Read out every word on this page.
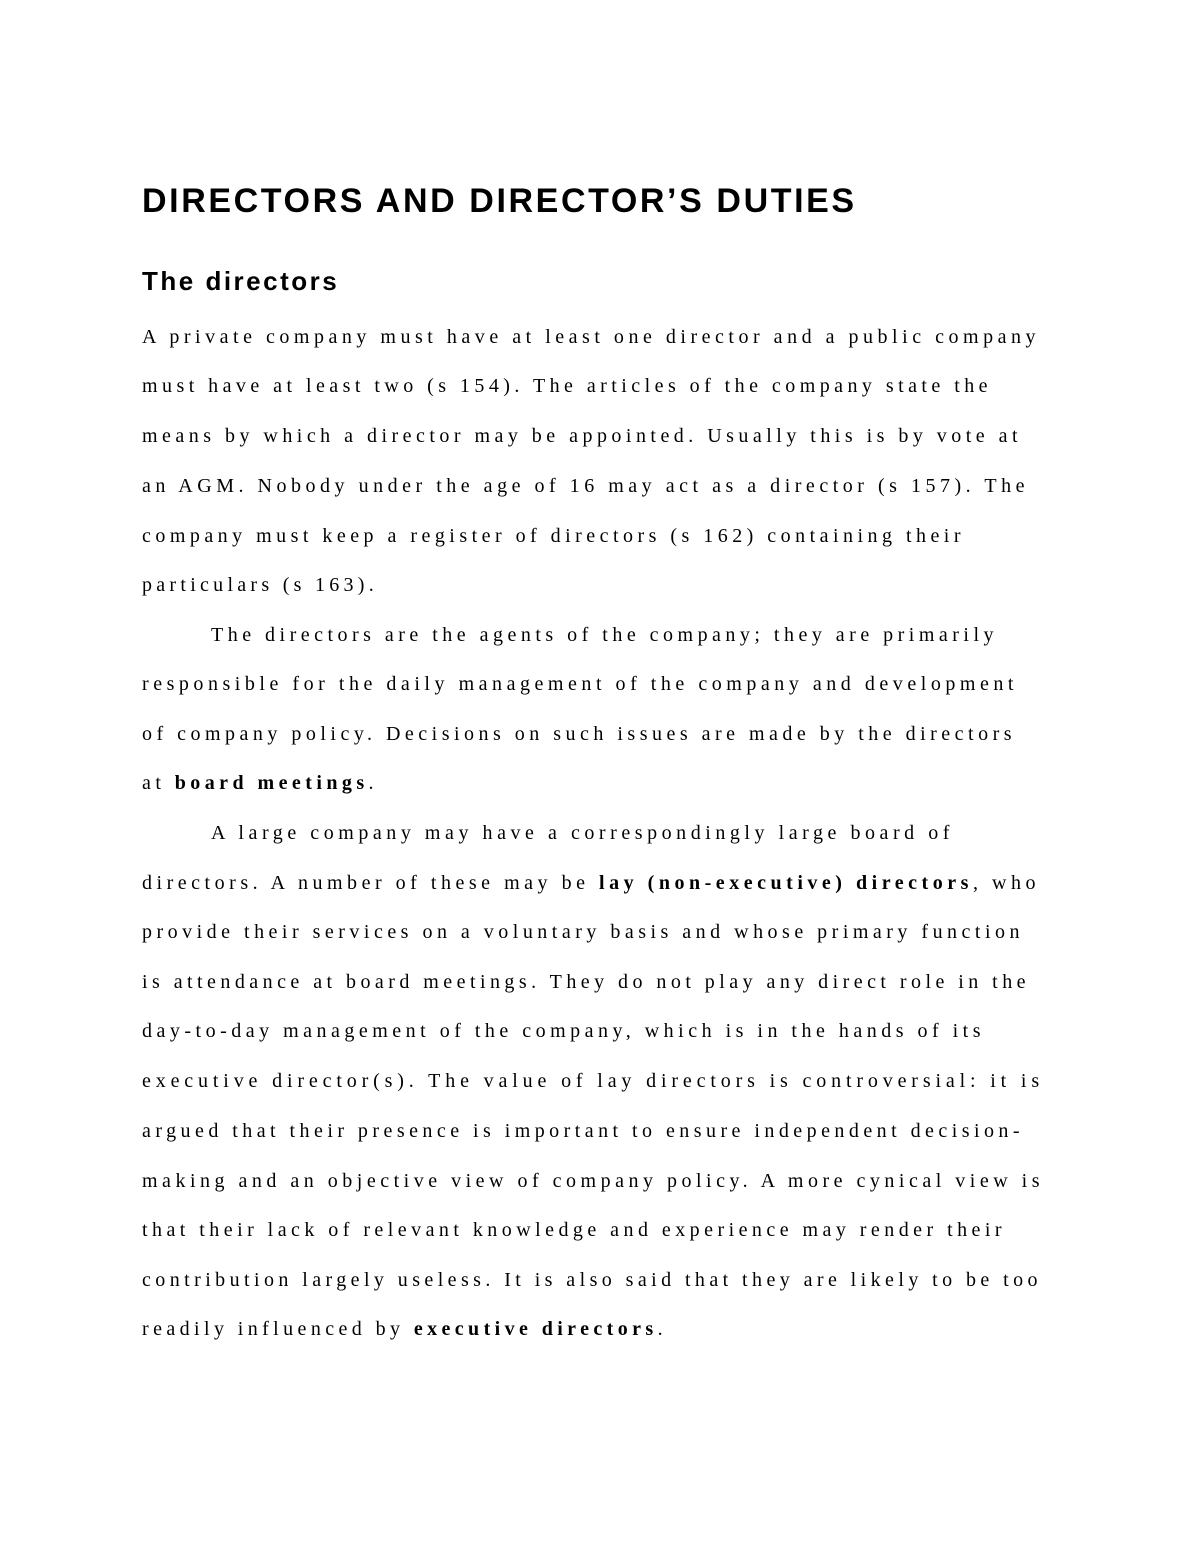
DIRECTORS AND DIRECTOR’S DUTIES
The directors

A private company must have at least one director and a public company

must have at least two (s 154). The articles of the company state the

means by which a director may be appointed. Usually this is by vote at

an AGM. Nobody under the age of 16 may act as a director (s 157). The

company must keep a register of directors (s 162) containing their

particulars (s 163).

The directors are the agents of the company; they are primarily

responsible for the daily management of the company and development

of company policy. Decisions on such issues are made by the directors

at board meetings.

A large company may have a correspondingly large board of

directors. A number of these may be lay (non-executive) directors, who

provide their services on a voluntary basis and whose primary function

is attendance at board meetings. They do not play any direct role in the

day-to-day management of the company, which is in the hands of its

executive director(s). The value of lay directors is controversial: it is

argued that their presence is important to ensure independent decision-

making and an objective view of company policy. A more cynical view is

that their lack of relevant knowledge and experience may render their

contribution largely useless. It is also said that they are likely to be too

readily influenced by executive directors.
